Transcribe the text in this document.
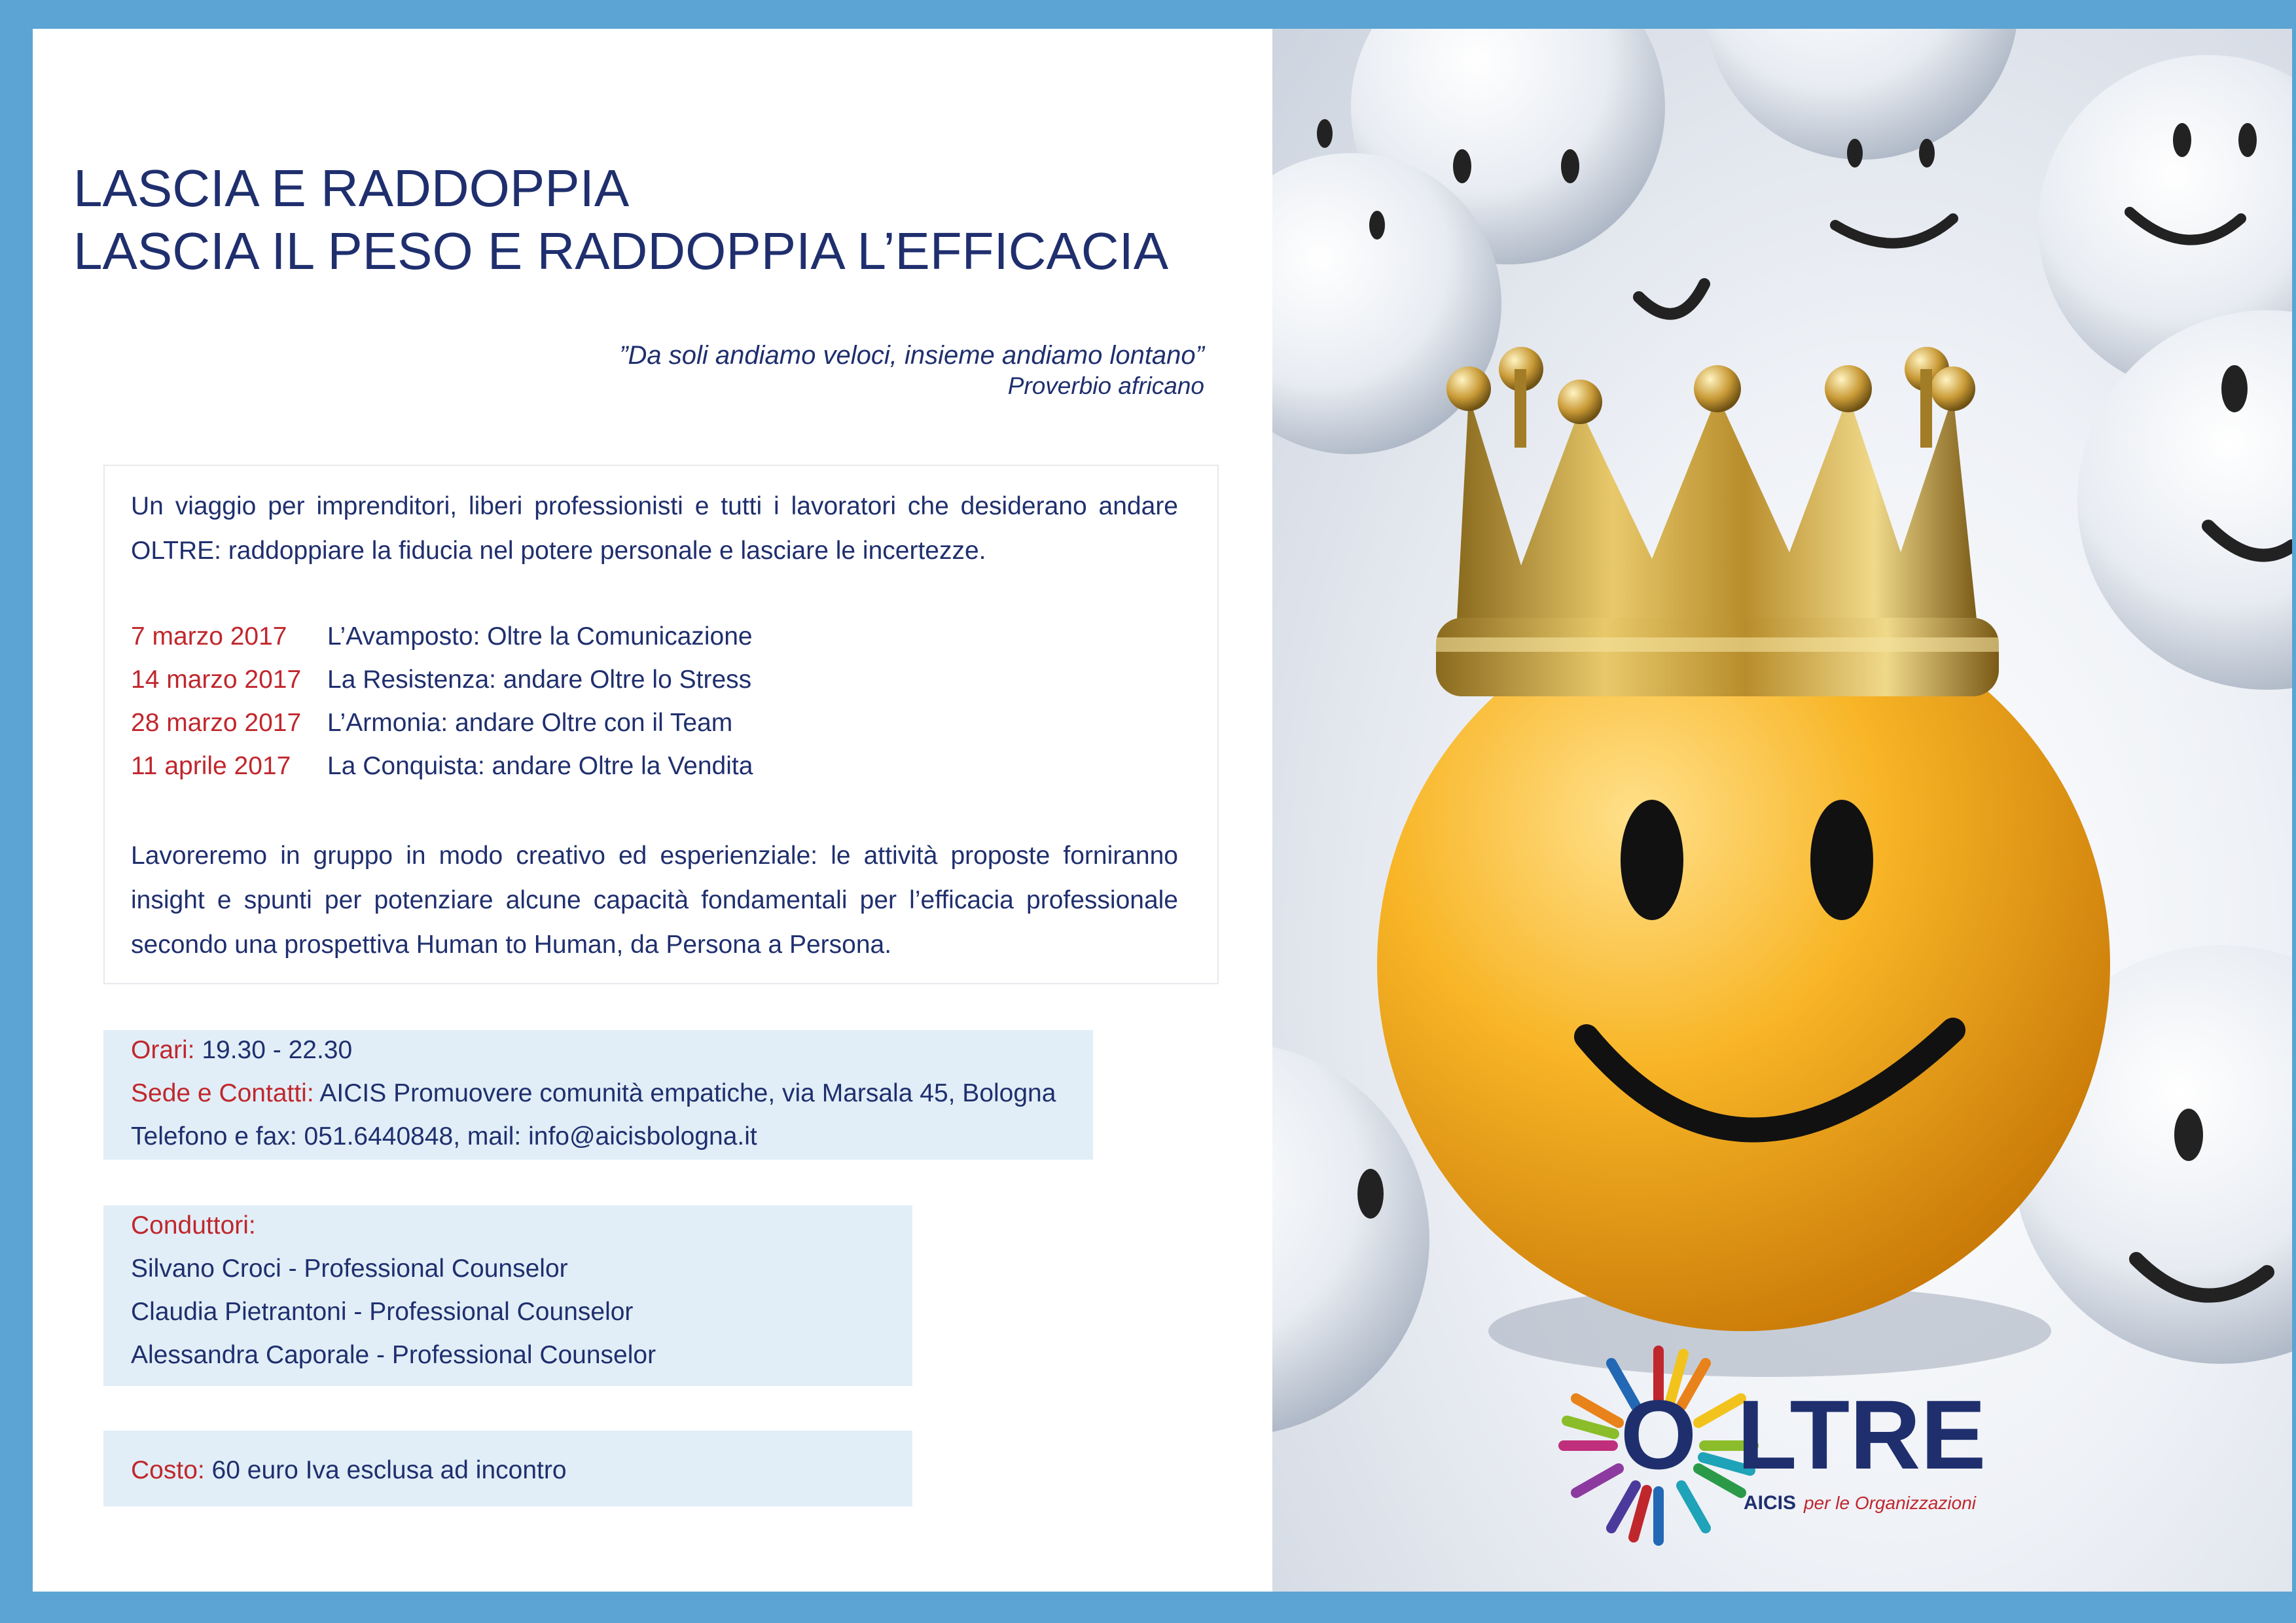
LASCIA E RADDOPPIA
LASCIA IL PESO E RADDOPPIA L’EFFICACIA
”Da soli andiamo veloci, insieme andiamo lontano”
Proverbio africano
Un viaggio per imprenditori, liberi professionisti e tutti i lavoratori che desiderano andare OLTRE: raddoppiare la fiducia nel potere personale e lasciare le incertezze.
7 marzo 2017	L’Avamposto: Oltre la Comunicazione
14 marzo 2017	La Resistenza: andare Oltre lo Stress
28 marzo 2017	L’Armonia: andare Oltre con il Team
11 aprile 2017	La Conquista: andare Oltre la Vendita
Lavoreremo in gruppo in modo creativo ed esperienziale: le attività proposte forniranno insight e spunti per potenziare alcune capacità fondamentali per l’efficacia professionale secondo una prospettiva Human to Human, da Persona a Persona.
Orari: 19.30 - 22.30
Sede e Contatti: AICIS Promuovere comunità empatiche, via Marsala 45, Bologna
Telefono e fax: 051.6440848, mail: info@aicisbologna.it
Conduttori:
Silvano Croci - Professional Counselor
Claudia Pietrantoni - Professional Counselor
Alessandra Caporale - Professional Counselor
Costo: 60 euro Iva esclusa ad incontro	O LTRE
AICIS per le Organizzazioni
